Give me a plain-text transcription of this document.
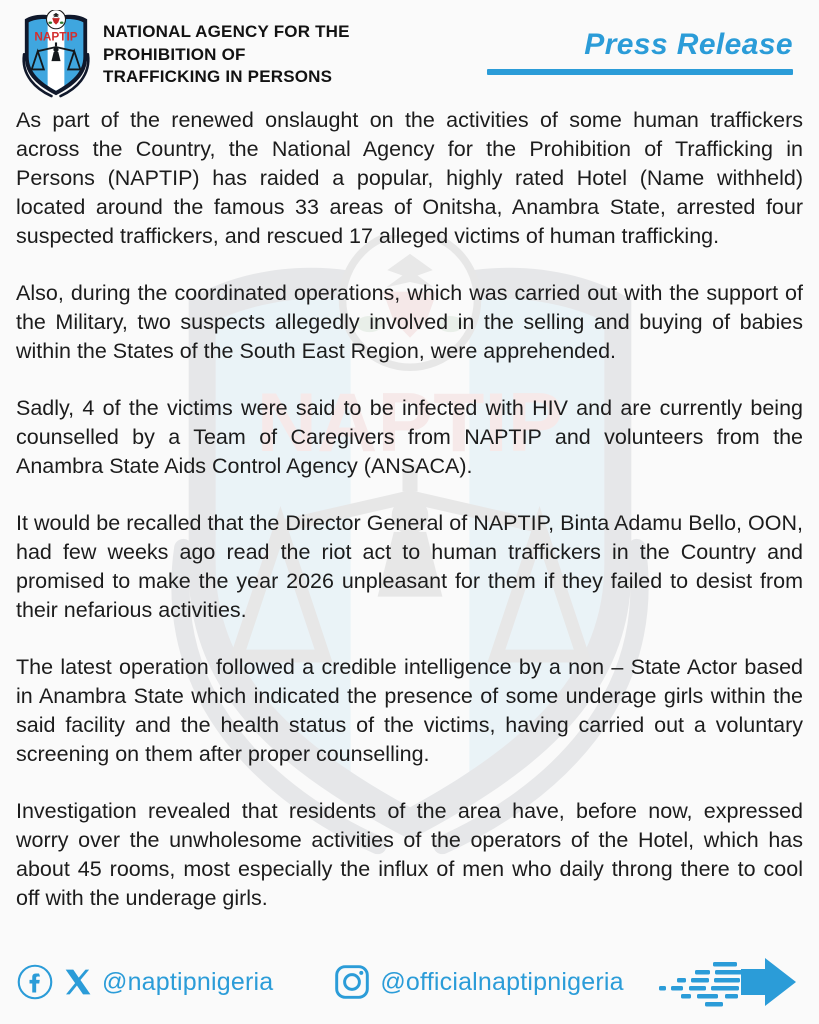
NATIONAL AGENCY FOR THE
PROHIBITION OF
TRAFFICKING IN PERSONS
Press Release

As part of the renewed onslaught on the activities of some human traffickers across the Country, the National Agency for the Prohibition of Trafficking in Persons (NAPTIP) has raided a popular, highly rated Hotel (Name withheld) located around the famous 33 areas of Onitsha, Anambra State, arrested four suspected traffickers, and rescued 17 alleged victims of human trafficking.

Also, during the coordinated operations, which was carried out with the support of the Military, two suspects allegedly involved in the selling and buying of babies within the States of the South East Region, were apprehended.

Sadly, 4 of the victims were said to be infected with HIV and are currently being counselled by a Team of Caregivers from NAPTIP and volunteers from the Anambra State Aids Control Agency (ANSACA).

It would be recalled that the Director General of NAPTIP, Binta Adamu Bello, OON, had few weeks ago read the riot act to human traffickers in the Country and promised to make the year 2026 unpleasant for them if they failed to desist from their nefarious activities.

The latest operation followed a credible intelligence by a non – State Actor based in Anambra State which indicated the presence of some underage girls within the said facility and the health status of the victims, having carried out a voluntary screening on them after proper counselling.

Investigation revealed that residents of the area have, before now, expressed worry over the unwholesome activities of the operators of the Hotel, which has about 45 rooms, most especially the influx of men who daily throng there to cool off with the underage girls.

@naptipnigeria	@officialnaptipnigeria
